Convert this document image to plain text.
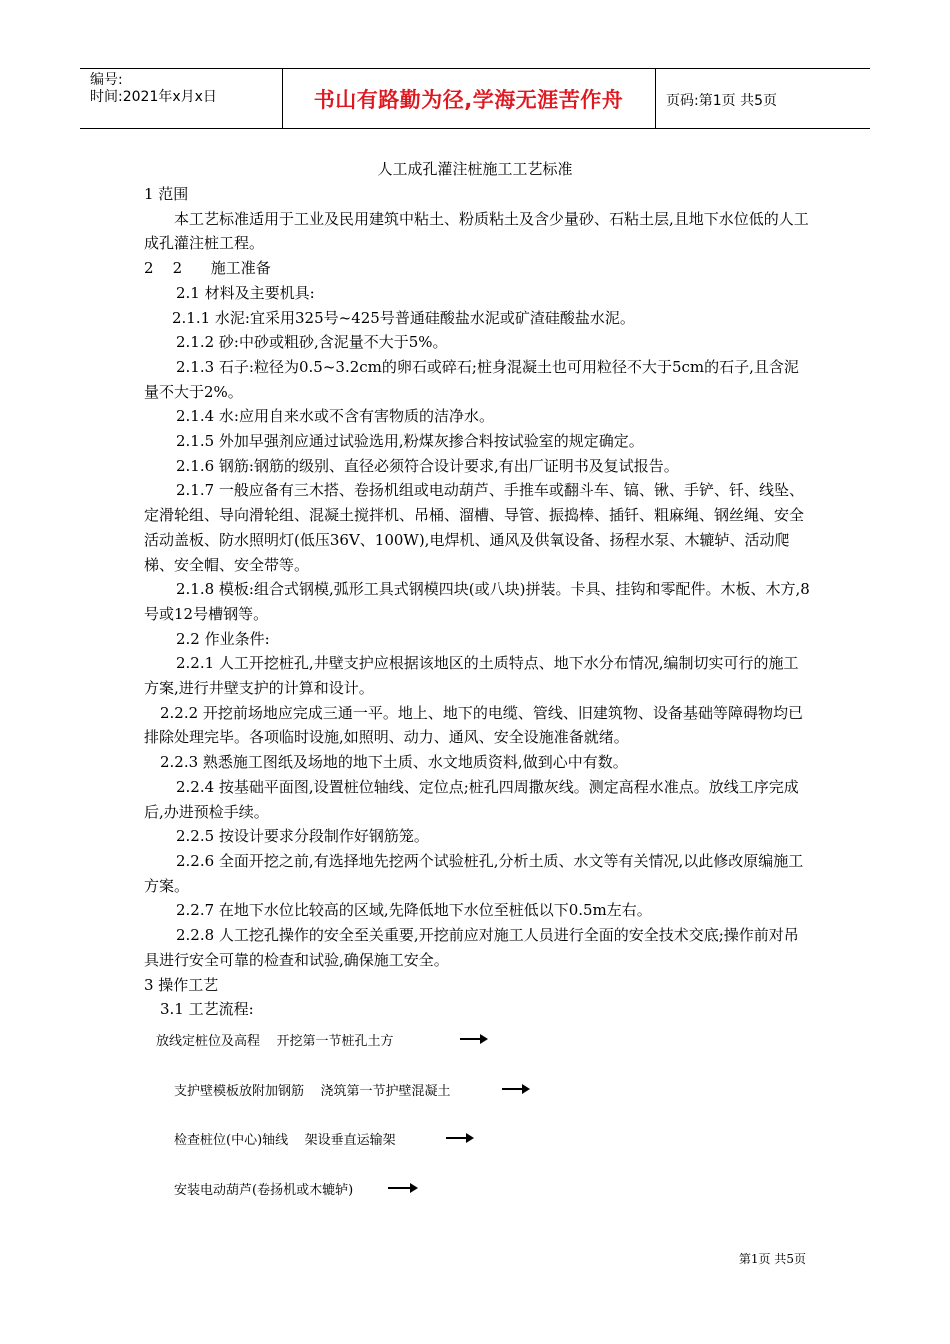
编号:
时间:2021年x月x日	书山有路勤为径,学海无涯苦作舟	页码:第1页 共5页
人工成孔灌注桩施工工艺标准

1 范围

本工艺标准适用于工业及民用建筑中粘土、粉质粘土及含少量砂、石粘土层,且地下水位低的人工成孔灌注桩工程。

2    2      施工准备

2.1 材料及主要机具:

2.1.1 水泥:宜采用325号~425号普通硅酸盐水泥或矿渣硅酸盐水泥。

2.1.2 砂:中砂或粗砂,含泥量不大于5%。

2.1.3 石子:粒径为0.5~3.2cm的卵石或碎石;桩身混凝土也可用粒径不大于5cm的石子,且含泥量不大于2%。

2.1.4 水:应用自来水或不含有害物质的洁净水。

2.1.5 外加早强剂应通过试验选用,粉煤灰掺合料按试验室的规定确定。

2.1.6 钢筋:钢筋的级别、直径必须符合设计要求,有出厂证明书及复试报告。

2.1.7 一般应备有三木搭、卷扬机组或电动葫芦、手推车或翻斗车、镐、锹、手铲、钎、线坠、定滑轮组、导向滑轮组、混凝土搅拌机、吊桶、溜槽、导管、振捣棒、插钎、粗麻绳、钢丝绳、安全活动盖板、防水照明灯(低压36V、100W),电焊机、通风及供氧设备、扬程水泵、木辘轳、活动爬梯、安全帽、安全带等。

2.1.8 模板:组合式钢模,弧形工具式钢模四块(或八块)拼装。卡具、挂钩和零配件。木板、木方,8号或12号槽钢等。

2.2 作业条件:

2.2.1 人工开挖桩孔,井壁支护应根据该地区的土质特点、地下水分布情况,编制切实可行的施工方案,进行井壁支护的计算和设计。

2.2.2 开挖前场地应完成三通一平。地上、地下的电缆、管线、旧建筑物、设备基础等障碍物均已排除处理完毕。各项临时设施,如照明、动力、通风、安全设施准备就绪。

2.2.3 熟悉施工图纸及场地的地下土质、水文地质资料,做到心中有数。

2.2.4 按基础平面图,设置桩位轴线、定位点;桩孔四周撒灰线。测定高程水准点。放线工序完成后,办进预检手续。

2.2.5 按设计要求分段制作好钢筋笼。

2.2.6 全面开挖之前,有选择地先挖两个试验桩孔,分析土质、水文等有关情况,以此修改原编施工方案。

2.2.7 在地下水位比较高的区域,先降低地下水位至桩低以下0.5m左右。

2.2.8 人工挖孔操作的安全至关重要,开挖前应对施工人员进行全面的安全技术交底;操作前对吊具进行安全可靠的检查和试验,确保施工安全。

3 操作工艺

3.1 工艺流程:

放线定桩位及高程    开挖第一节桩孔土方
支护壁模板放附加钢筋    浇筑第一节护壁混凝土
检查桩位(中心)轴线    架设垂直运输架
安装电动葫芦(卷扬机或木辘轳)
第1页 共5页
